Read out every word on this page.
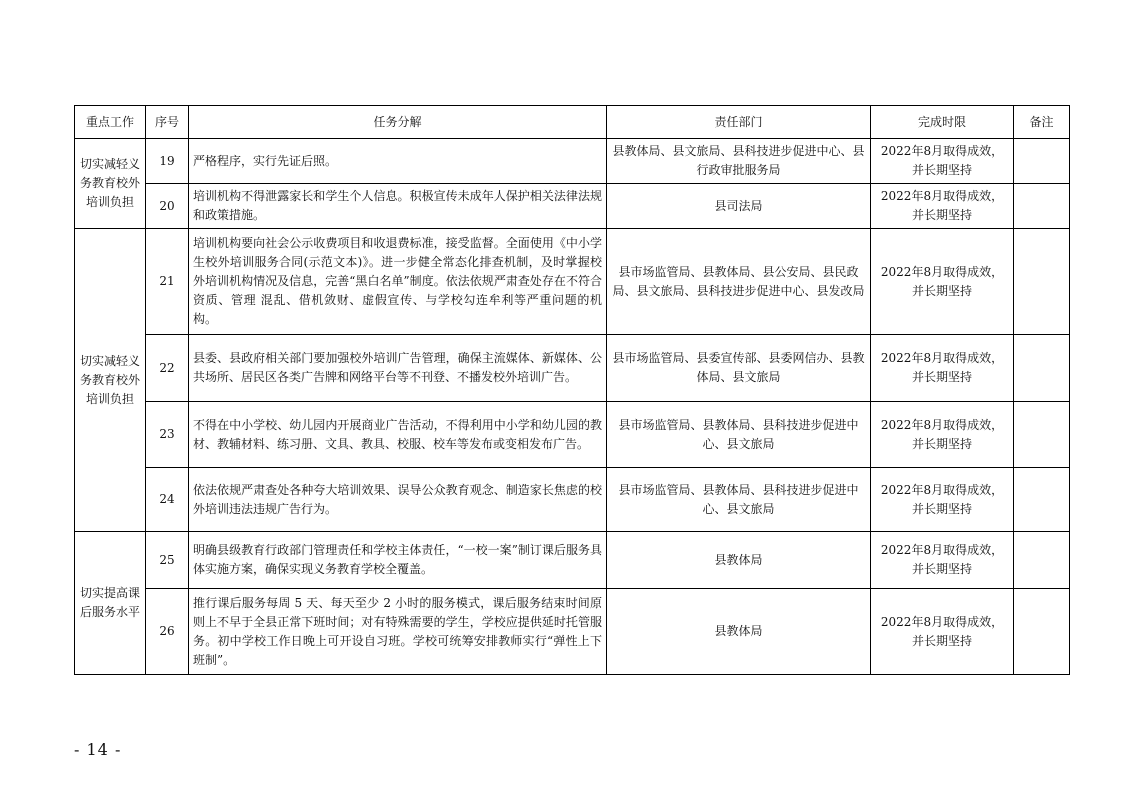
重点工作	序号	任务分解	责任部门	完成时限	备注
切实减轻义务教育校外培训负担	19	严格程序，实行先证后照。	县教体局、县文旅局、县科技进步促进中心、县行政审批服务局	2022年8月取得成效，并长期坚持	
	20	培训机构不得泄露家长和学生个人信息。积极宣传未成年人保护相关法律法规和政策措施。	县司法局	2022年8月取得成效，并长期坚持	
切实减轻义务教育校外培训负担	21	培训机构要向社会公示收费项目和收退费标准，接受监督。全面使用《中小学生校外培训服务合同(示范文本)》。进一步健全常态化排查机制，及时掌握校外培训机构情况及信息，完善“黑白名单”制度。依法依规严肃查处存在不符合资质、管理 混乱、借机敛财、虚假宣传、与学校勾连牟利等严重问题的机构。	县市场监管局、县教体局、县公安局、县民政局、县文旅局、县科技进步促进中心、县发改局	2022年8月取得成效，并长期坚持	
	22	县委、县政府相关部门要加强校外培训广告管理，确保主流媒体、新媒体、公共场所、居民区各类广告牌和网络平台等不刊登、不播发校外培训广告。	县市场监管局、县委宣传部、县委网信办、县教体局、县文旅局	2022年8月取得成效，并长期坚持	
	23	不得在中小学校、幼儿园内开展商业广告活动，不得利用中小学和幼儿园的教材、教辅材料、练习册、文具、教具、校服、校车等发布或变相发布广告。	县市场监管局、县教体局、县科技进步促进中心、县文旅局	2022年8月取得成效，并长期坚持	
	24	依法依规严肃查处各种夸大培训效果、误导公众教育观念、制造家长焦虑的校外培训违法违规广告行为。	县市场监管局、县教体局、县科技进步促进中心、县文旅局	2022年8月取得成效，并长期坚持	
切实提高课后服务水平	25	明确县级教育行政部门管理责任和学校主体责任，“一校一案”制订课后服务具体实施方案，确保实现义务教育学校全覆盖。	县教体局	2022年8月取得成效，并长期坚持	
	26	推行课后服务每周 5 天、每天至少 2 小时的服务模式，课后服务结束时间原则上不早于全县正常下班时间；对有特殊需要的学生，学校应提供延时托管服务。初中学校工作日晚上可开设自习班。学校可统筹安排教师实行“弹性上下班制”。	县教体局	2022年8月取得成效，并长期坚持	
- 14 -
